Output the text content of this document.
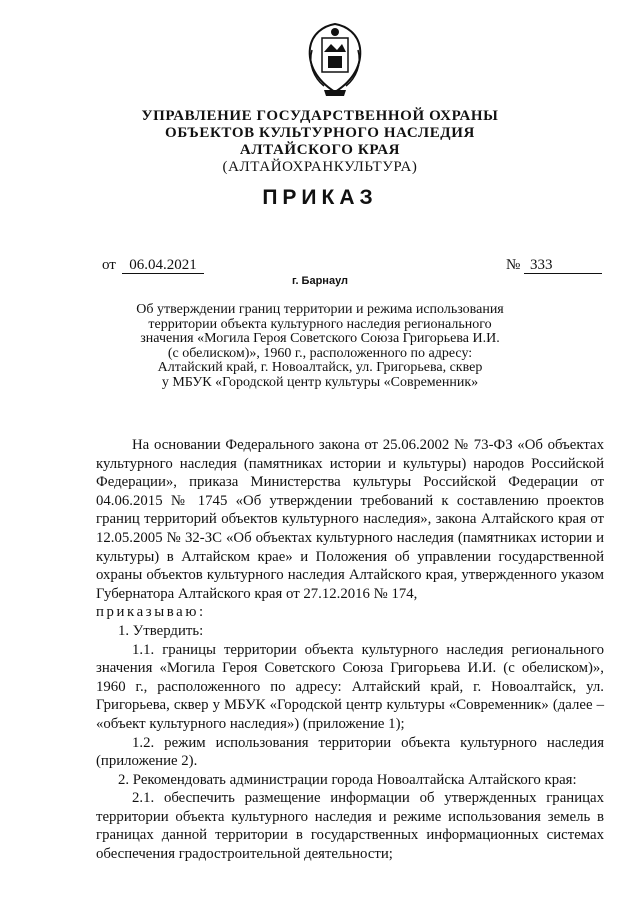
УПРАВЛЕНИЕ ГОСУДАРСТВЕННОЙ ОХРАНЫ
ОБЪЕКТОВ КУЛЬТУРНОГО НАСЛЕДИЯ
АЛТАЙСКОГО КРАЯ
(АЛТАЙОХРАНКУЛЬТУРА)
ПРИКАЗ
от 06.04.2021	№ 333
г. Барнаул
Об утверждении границ территории и режима использования
территории объекта культурного наследия регионального
значения «Могила Героя Советского Союза Григорьева И.И.
(с обелиском)», 1960 г., расположенного по адресу:
Алтайский край, г. Новоалтайск, ул. Григорьева, сквер
у МБУК «Городской центр культуры «Современник»

На основании Федерального закона от 25.06.2002 № 73-ФЗ «Об объектах культурного наследия (памятниках истории и культуры) народов Российской Федерации», приказа Министерства культуры Российской Федерации от 04.06.2015 № 1745 «Об утверждении требований к составлению проектов границ территорий объектов культурного наследия», закона Алтайского края от 12.05.2005 № 32-ЗС «Об объектах культурного наследия (памятниках истории и культуры) в Алтайском крае» и Положения об управлении государственной охраны объектов культурного наследия Алтайского края, утвержденного указом Губернатора Алтайского края от 27.12.2016 № 174,

приказываю:

1. Утвердить:

1.1. границы территории объекта культурного наследия регионального значения «Могила Героя Советского Союза Григорьева И.И. (с обелиском)», 1960 г., расположенного по адресу: Алтайский край, г. Новоалтайск, ул. Григорьева, сквер у МБУК «Городской центр культуры «Современник» (далее – «объект культурного наследия») (приложение 1);

1.2. режим использования территории объекта культурного наследия (приложение 2).

2. Рекомендовать администрации города Новоалтайска Алтайского края:

2.1. обеспечить размещение информации об утвержденных границах территории объекта культурного наследия и режиме использования земель в границах данной территории в государственных информационных системах обеспечения градостроительной деятельности;
